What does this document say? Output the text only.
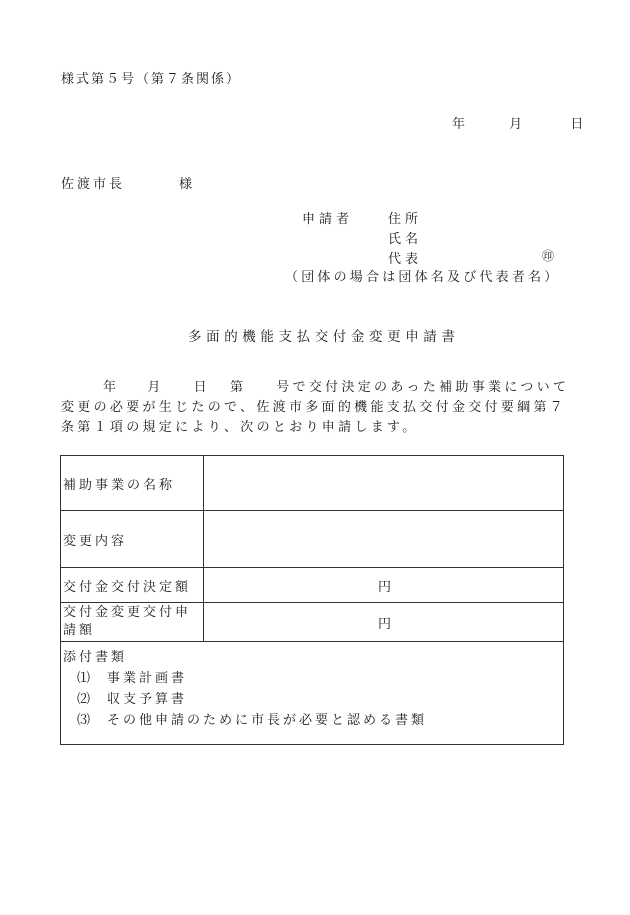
様式第５号（第７条関係）
年	月	日
佐渡市長	様
申請者	住所
氏名
代表	㊞
（団体の場合は団体名及び代表者名）
多面的機能支払交付金変更申請書
年 月 日 第 号で交付決定のあった補助事業について変更の必要が生じたので、佐渡市多面的機能支払交付金交付要綱第７条第１項の規定により、次のとおり申請します。
補助事業の名称	
変更内容	
交付金交付決定額	円
交付金変更交付申請額	円

添付書類
⑴ 事業計画書
⑵ 収支予算書
⑶ その他申請のために市長が必要と認める書類	
